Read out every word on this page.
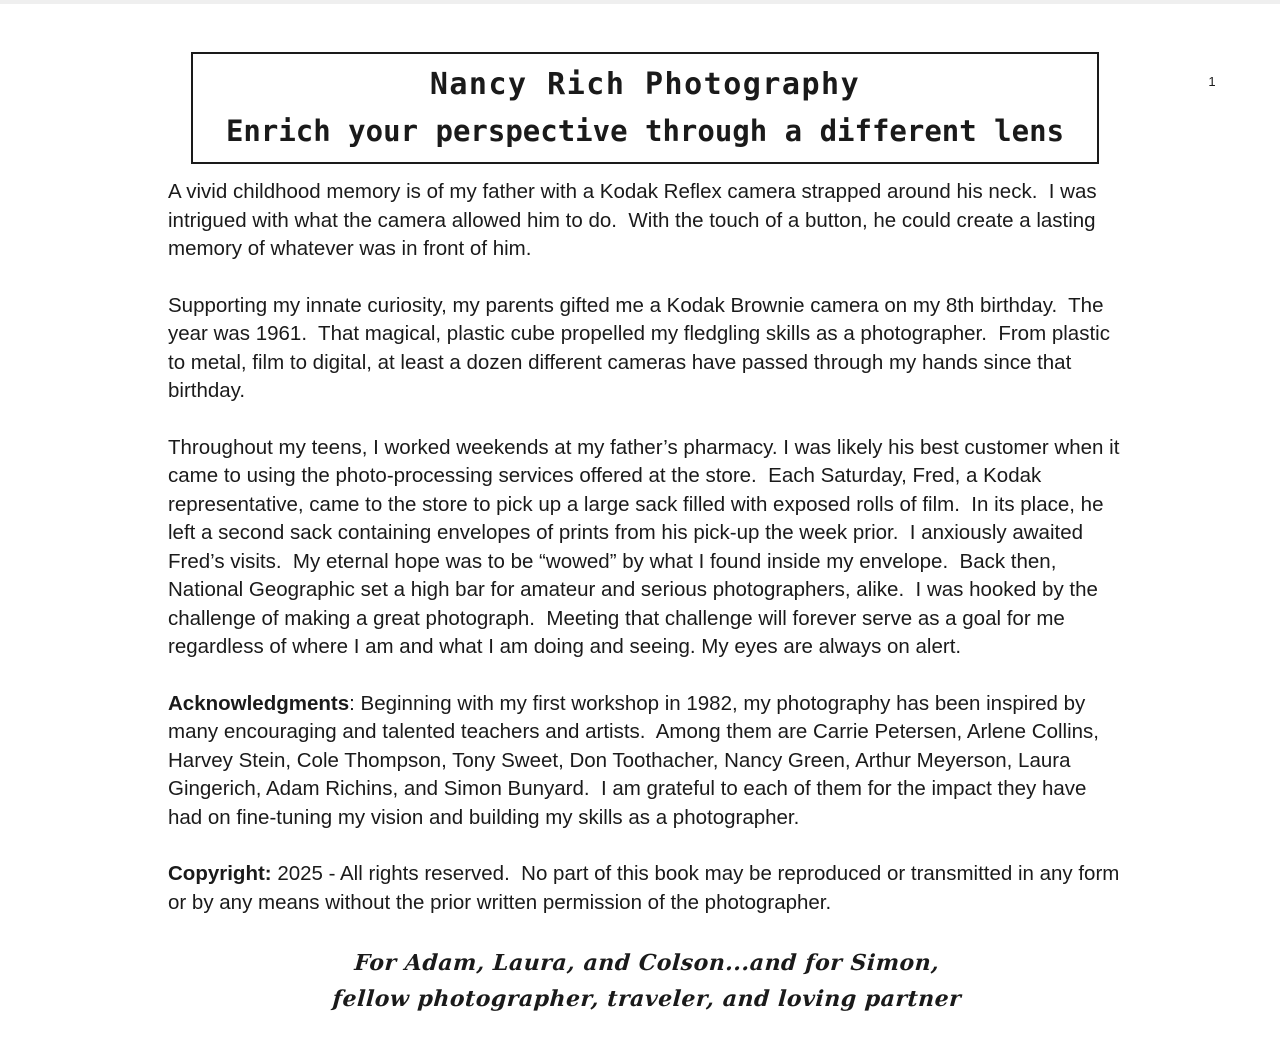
Nancy Rich Photography
Enrich your perspective through a different lens
1

A vivid childhood memory is of my father with a Kodak Reflex camera strapped around his neck.  I was intrigued with what the camera allowed him to do.  With the touch of a button, he could create a lasting memory of whatever was in front of him.

Supporting my innate curiosity, my parents gifted me a Kodak Brownie camera on my 8th birthday.  The year was 1961.  That magical, plastic cube propelled my fledgling skills as a photographer.  From plastic to metal, film to digital, at least a dozen different cameras have passed through my hands since that birthday.

Throughout my teens, I worked weekends at my father’s pharmacy. I was likely his best customer when it came to using the photo-processing services offered at the store.  Each Saturday, Fred, a Kodak representative, came to the store to pick up a large sack filled with exposed rolls of film.  In its place, he left a second sack containing envelopes of prints from his pick-up the week prior.  I anxiously awaited Fred’s visits.  My eternal hope was to be “wowed” by what I found inside my envelope.  Back then, National Geographic set a high bar for amateur and serious photographers, alike.  I was hooked by the challenge of making a great photograph.  Meeting that challenge will forever serve as a goal for me regardless of where I am and what I am doing and seeing. My eyes are always on alert.

Acknowledgments: Beginning with my first workshop in 1982, my photography has been inspired by many encouraging and talented teachers and artists.  Among them are Carrie Petersen, Arlene Collins, Harvey Stein, Cole Thompson, Tony Sweet, Don Toothacher, Nancy Green, Arthur Meyerson, Laura Gingerich, Adam Richins, and Simon Bunyard.  I am grateful to each of them for the impact they have had on fine-tuning my vision and building my skills as a photographer.

Copyright: 2025 - All rights reserved.  No part of this book may be reproduced or transmitted in any form or by any means without the prior written permission of the photographer.

For Adam, Laura, and Colson...and for Simon,
fellow photographer, traveler, and loving partner
